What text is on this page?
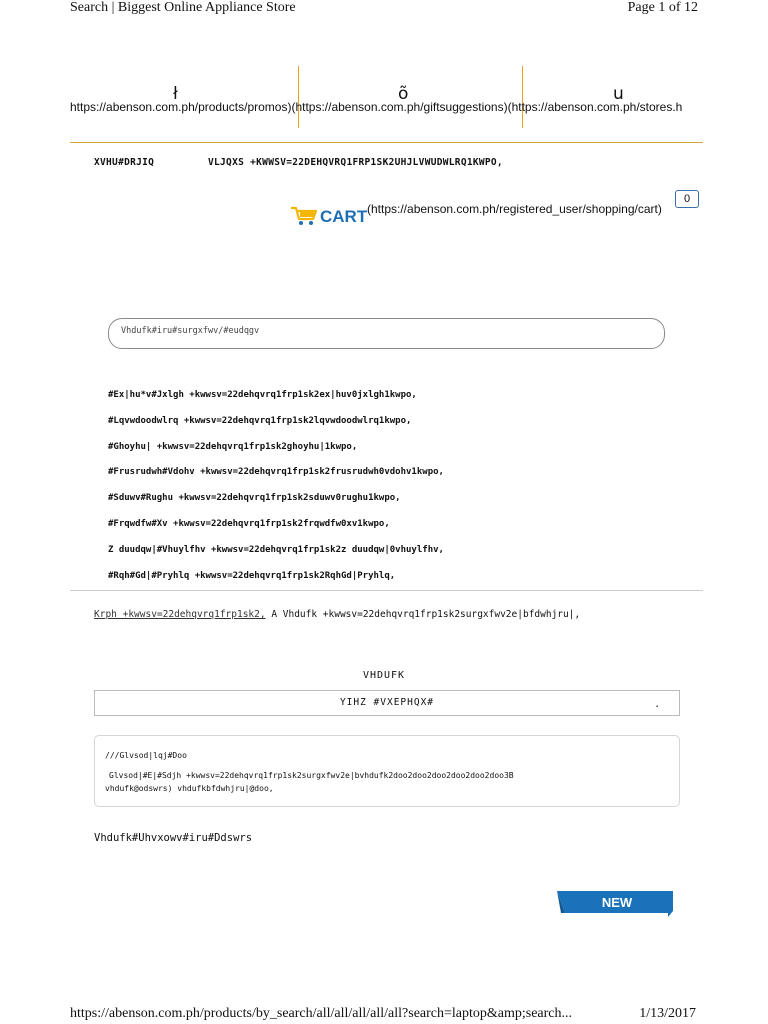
Search | Biggest Online Appliance Store	Page 1 of 12
ł	õ	u
https://abenson.com.ph/products/promos)(https://abenson.com.ph/giftsuggestions)(https://abenson.com.ph/stores.h
XVHU#DRJIQ	VLJQXS +KWWSV=22DEHQVRQ1FRP1SK2UHJLVWUDWLRQ1KWPO,
CART (https://abenson.com.ph/registered_user/shopping/cart)
0
Vhdufk#iru#surgxfwv/#eudqgv
#Ex|hu*v#Jxlgh +kwwsv=22dehqvrq1frp1sk2ex|huv0jxlgh1kwpo,
#Lqvwdoodwlrq +kwwsv=22dehqvrq1frp1sk2lqvwdoodwlrq1kwpo,
#Ghoyhu| +kwwsv=22dehqvrq1frp1sk2ghoyhu|1kwpo,
#Frusrudwh#Vdohv +kwwsv=22dehqvrq1frp1sk2frusrudwh0vdohv1kwpo,
#Sduwv#Rughu +kwwsv=22dehqvrq1frp1sk2sduwv0rughu1kwpo,
#Frqwdfw#Xv +kwwsv=22dehqvrq1frp1sk2frqwdfw0xv1kwpo,
Z duudqw|#Vhuylfhv +kwwsv=22dehqvrq1frp1sk2z duudqw|0vhuylfhv,
#Rqh#Gd|#Pryhlq +kwwsv=22dehqvrq1frp1sk2RqhGd|Pryhlq,
Krph +kwwsv=22dehqvrq1frp1sk2, A Vhdufk +kwwsv=22dehqvrq1frp1sk2surgxfwv2e|bfdwhjru|,
VHDUFK
YIHZ #VXEPHQX#	.
///Glvsod|lqj#Doo
Glvsod|#E|#Sdjh +kwwsv=22dehqvrq1frp1sk2surgxfwv2e|bvhdufk2doo2doo2doo2doo2doo2doo3B
vhdufk@odswrs) vhdufkbfdwhjru|@doo,
Vhdufk#Uhvxowv#iru#Ddswrs
NEW
https://abenson.com.ph/products/by_search/all/all/all/all/all?search=laptop&amp;search...	1/13/2017
